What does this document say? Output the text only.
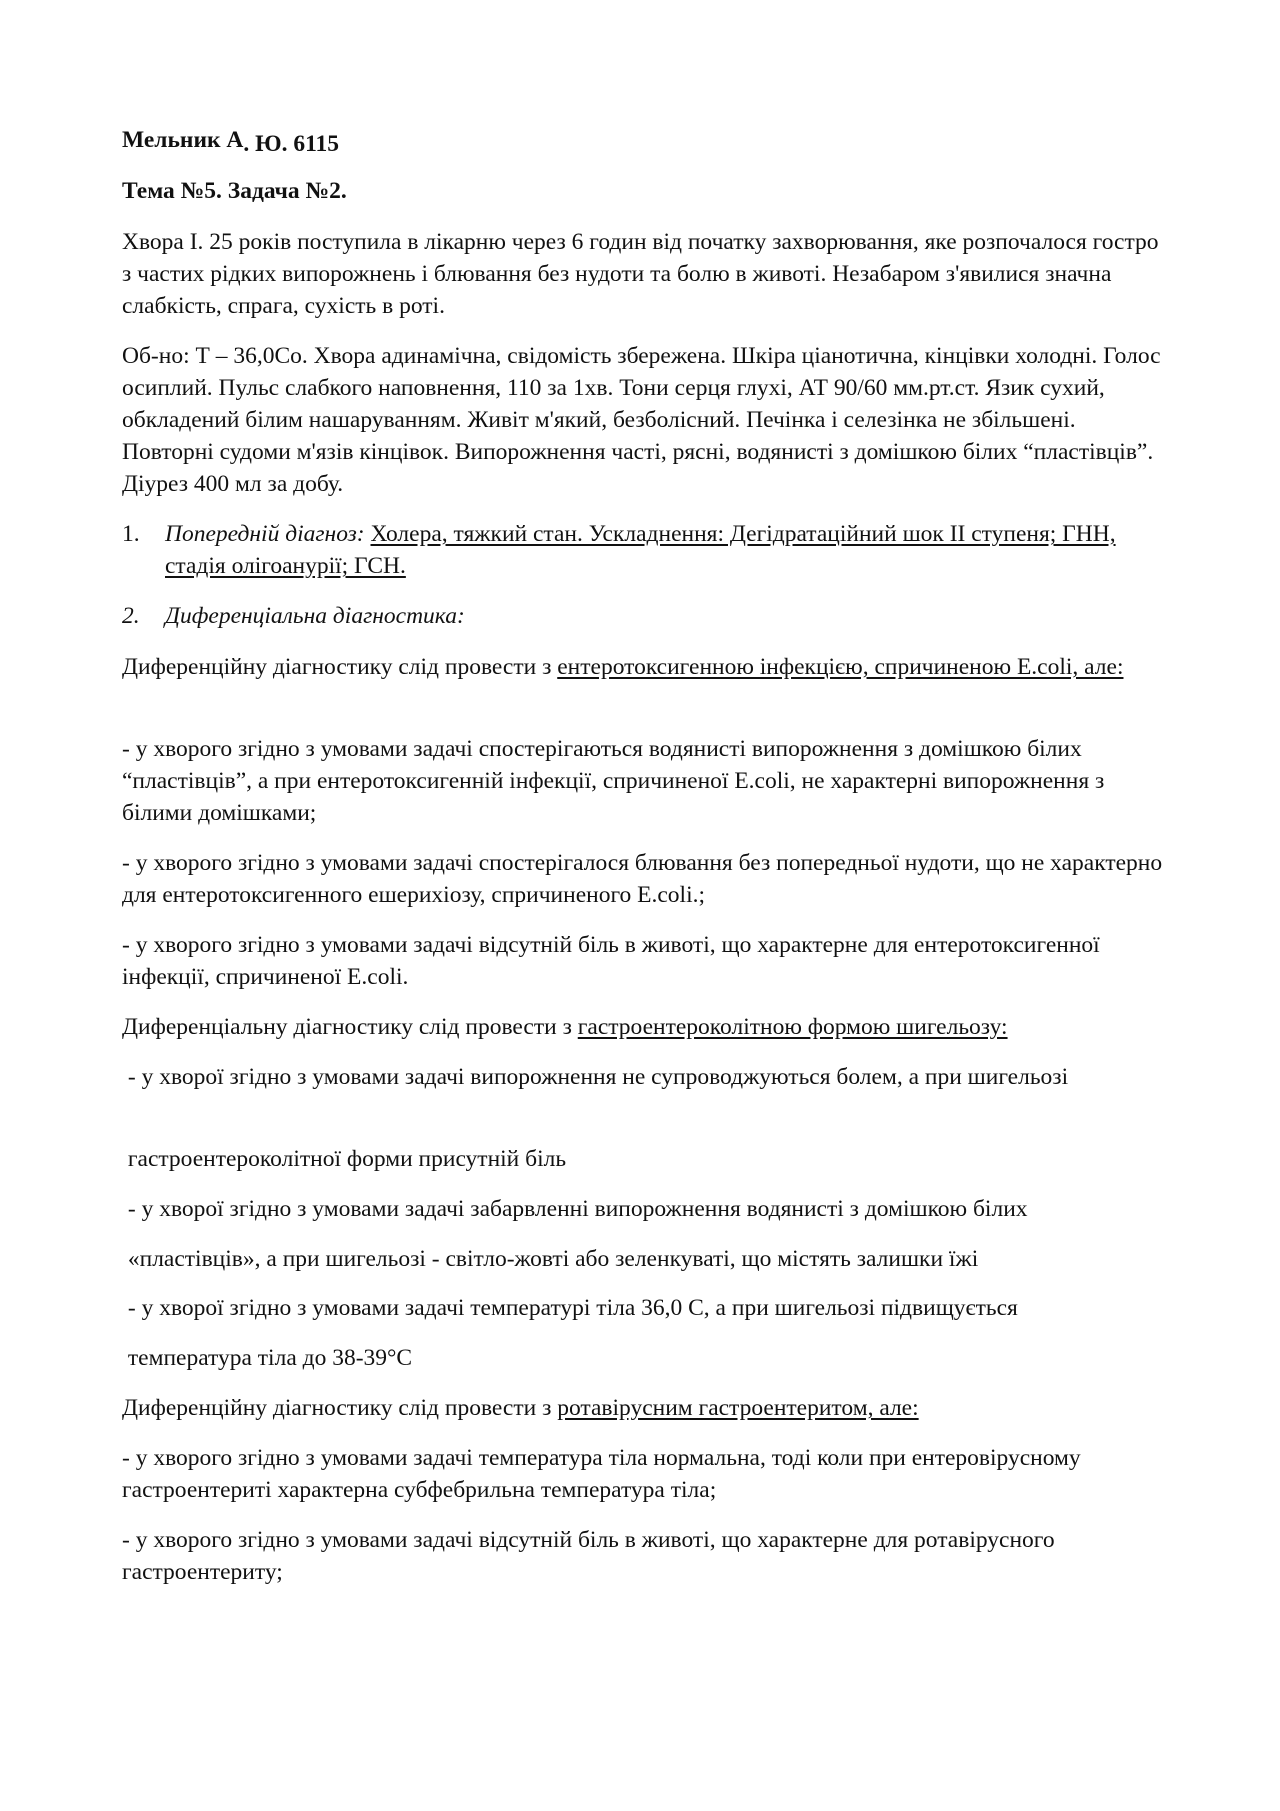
Мельник А. Ю. 6115

Тема №5. Задача №2.

Хвора І. 25 років поступила в лікарню через 6 годин від початку захворювання, яке розпочалося гостро з частих рідких випорожнень і блювання без нудоти та болю в животі. Незабаром з'явилися значна слабкість, спрага, сухість в роті.

Об-но: Т – 36,0Со. Хвора адинамічна, свідомість збережена. Шкіра ціанотична, кінцівки холодні. Голос осиплий. Пульс слабкого наповнення, 110 за 1хв. Тони серця глухі, АТ 90/60 мм.рт.ст. Язик сухий, обкладений білим нашаруванням. Живіт м'який, безболісний. Печінка і селезінка не збільшені. Повторні судоми м'язів кінцівок. Випорожнення часті, рясні, водянисті з домішкою білих “пластівців”. Діурез 400 мл за добу.

1. Попередній діагноз: Холера, тяжкий стан. Ускладнення: Дегідратаційний шок ІІ ступеня; ГНН, стадія олігоанурії; ГСН.
2. Диференціальна діагностика:

Диференційну діагностику слід провести з ентеротоксигенною інфекцією, спричиненою E.coli, але:

- у хворого згідно з умовами задачі спостерігаються водянисті випорожнення з домішкою білих “пластівців”, а при ентеротоксигенній інфекції, спричиненої E.coli, не характерні випорожнення з білими домішками;

- у хворого згідно з умовами задачі спостерігалося блювання без попередньої нудоти, що не характерно для ентеротоксигенного ешерихіозу, спричиненого E.coli.;

- у хворого згідно з умовами задачі відсутній біль в животі, що характерне для ентеротоксигенної інфекції, спричиненої E.coli.

Диференціальну діагностику слід провести з гастроентероколітною формою шигельозу:

- у хворої згідно з умовами задачі випорожнення не супроводжуються болем, а при шигельозі

гастроентероколітної форми присутній біль

- у хворої згідно з умовами задачі забарвленні випорожнення водянисті з домішкою білих

«пластівців», а при шигельозі - світло-жовті або зеленкуваті, що містять залишки їжі

- у хворої згідно з умовами задачі температурі тіла 36,0 С, а при шигельозі підвищується

температура тіла до 38-39°С

Диференційну діагностику слід провести з ротавірусним гастроентеритом, але:

- у хворого згідно з умовами задачі температура тіла нормальна, тоді коли при ентеровірусному гастроентериті характерна субфебрильна температура тіла;

- у хворого згідно з умовами задачі відсутній біль в животі, що характерне для ротавірусного гастроентериту;
